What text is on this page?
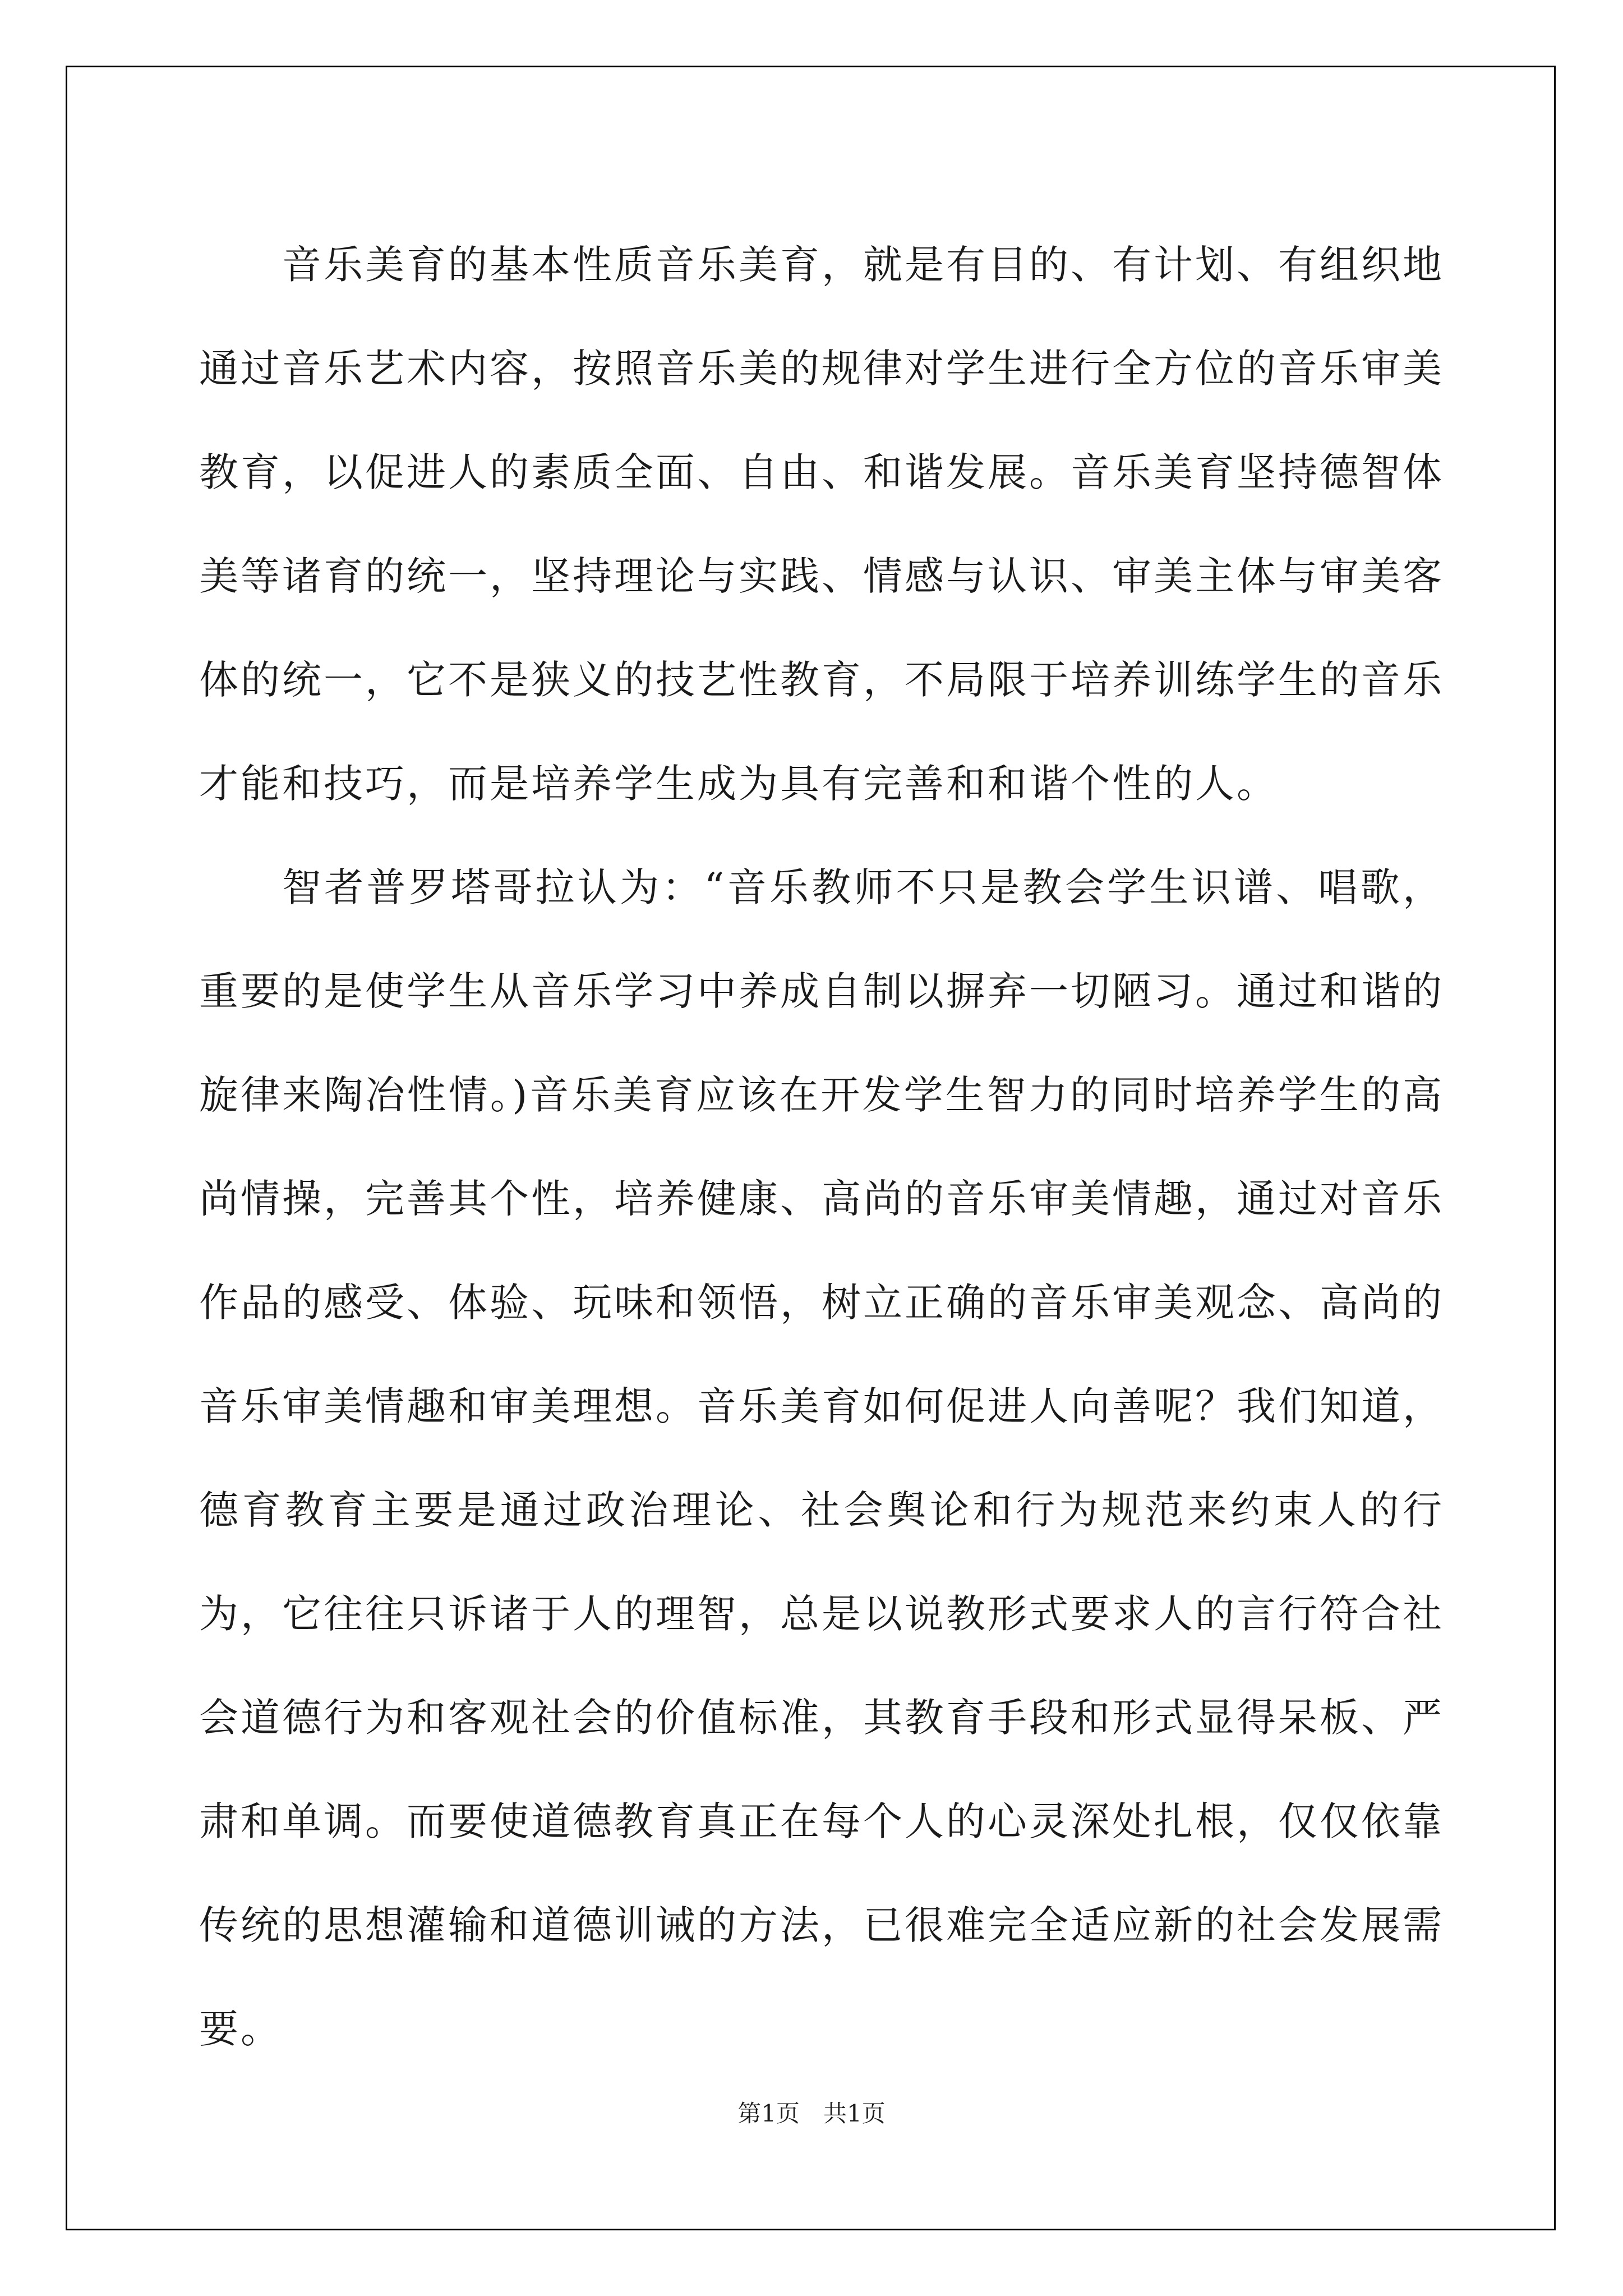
音乐美育的基本性质音乐美育，就是有目的、有计划、有组织地通过音乐艺术内容，按照音乐美的规律对学生进行全方位的音乐审美教育，以促进人的素质全面、自由、和谐发展。音乐美育坚持德智体美等诸育的统一，坚持理论与实践、情感与认识、审美主体与审美客体的统一，它不是狭义的技艺性教育，不局限于培养训练学生的音乐才能和技巧，而是培养学生成为具有完善和和谐个性的人。

智者普罗塔哥拉认为：“音乐教师不只是教会学生识谱、唱歌，重要的是使学生从音乐学习中养成自制以摒弃一切陋习。通过和谐的旋律来陶冶性情。)音乐美育应该在开发学生智力的同时培养学生的高尚情操，完善其个性，培养健康、高尚的音乐审美情趣，通过对音乐作品的感受、体验、玩味和领悟，树立正确的音乐审美观念、高尚的音乐审美情趣和审美理想。音乐美育如何促进人向善呢？我们知道，德育教育主要是通过政治理论、社会舆论和行为规范来约束人的行为，它往往只诉诸于人的理智，总是以说教形式要求人的言行符合社会道德行为和客观社会的价值标准，其教育手段和形式显得呆板、严肃和单调。而要使道德教育真正在每个人的心灵深处扎根，仅仅依靠传统的思想灌输和道德训诫的方法，已很难完全适应新的社会发展需要。

第1页 共1页
